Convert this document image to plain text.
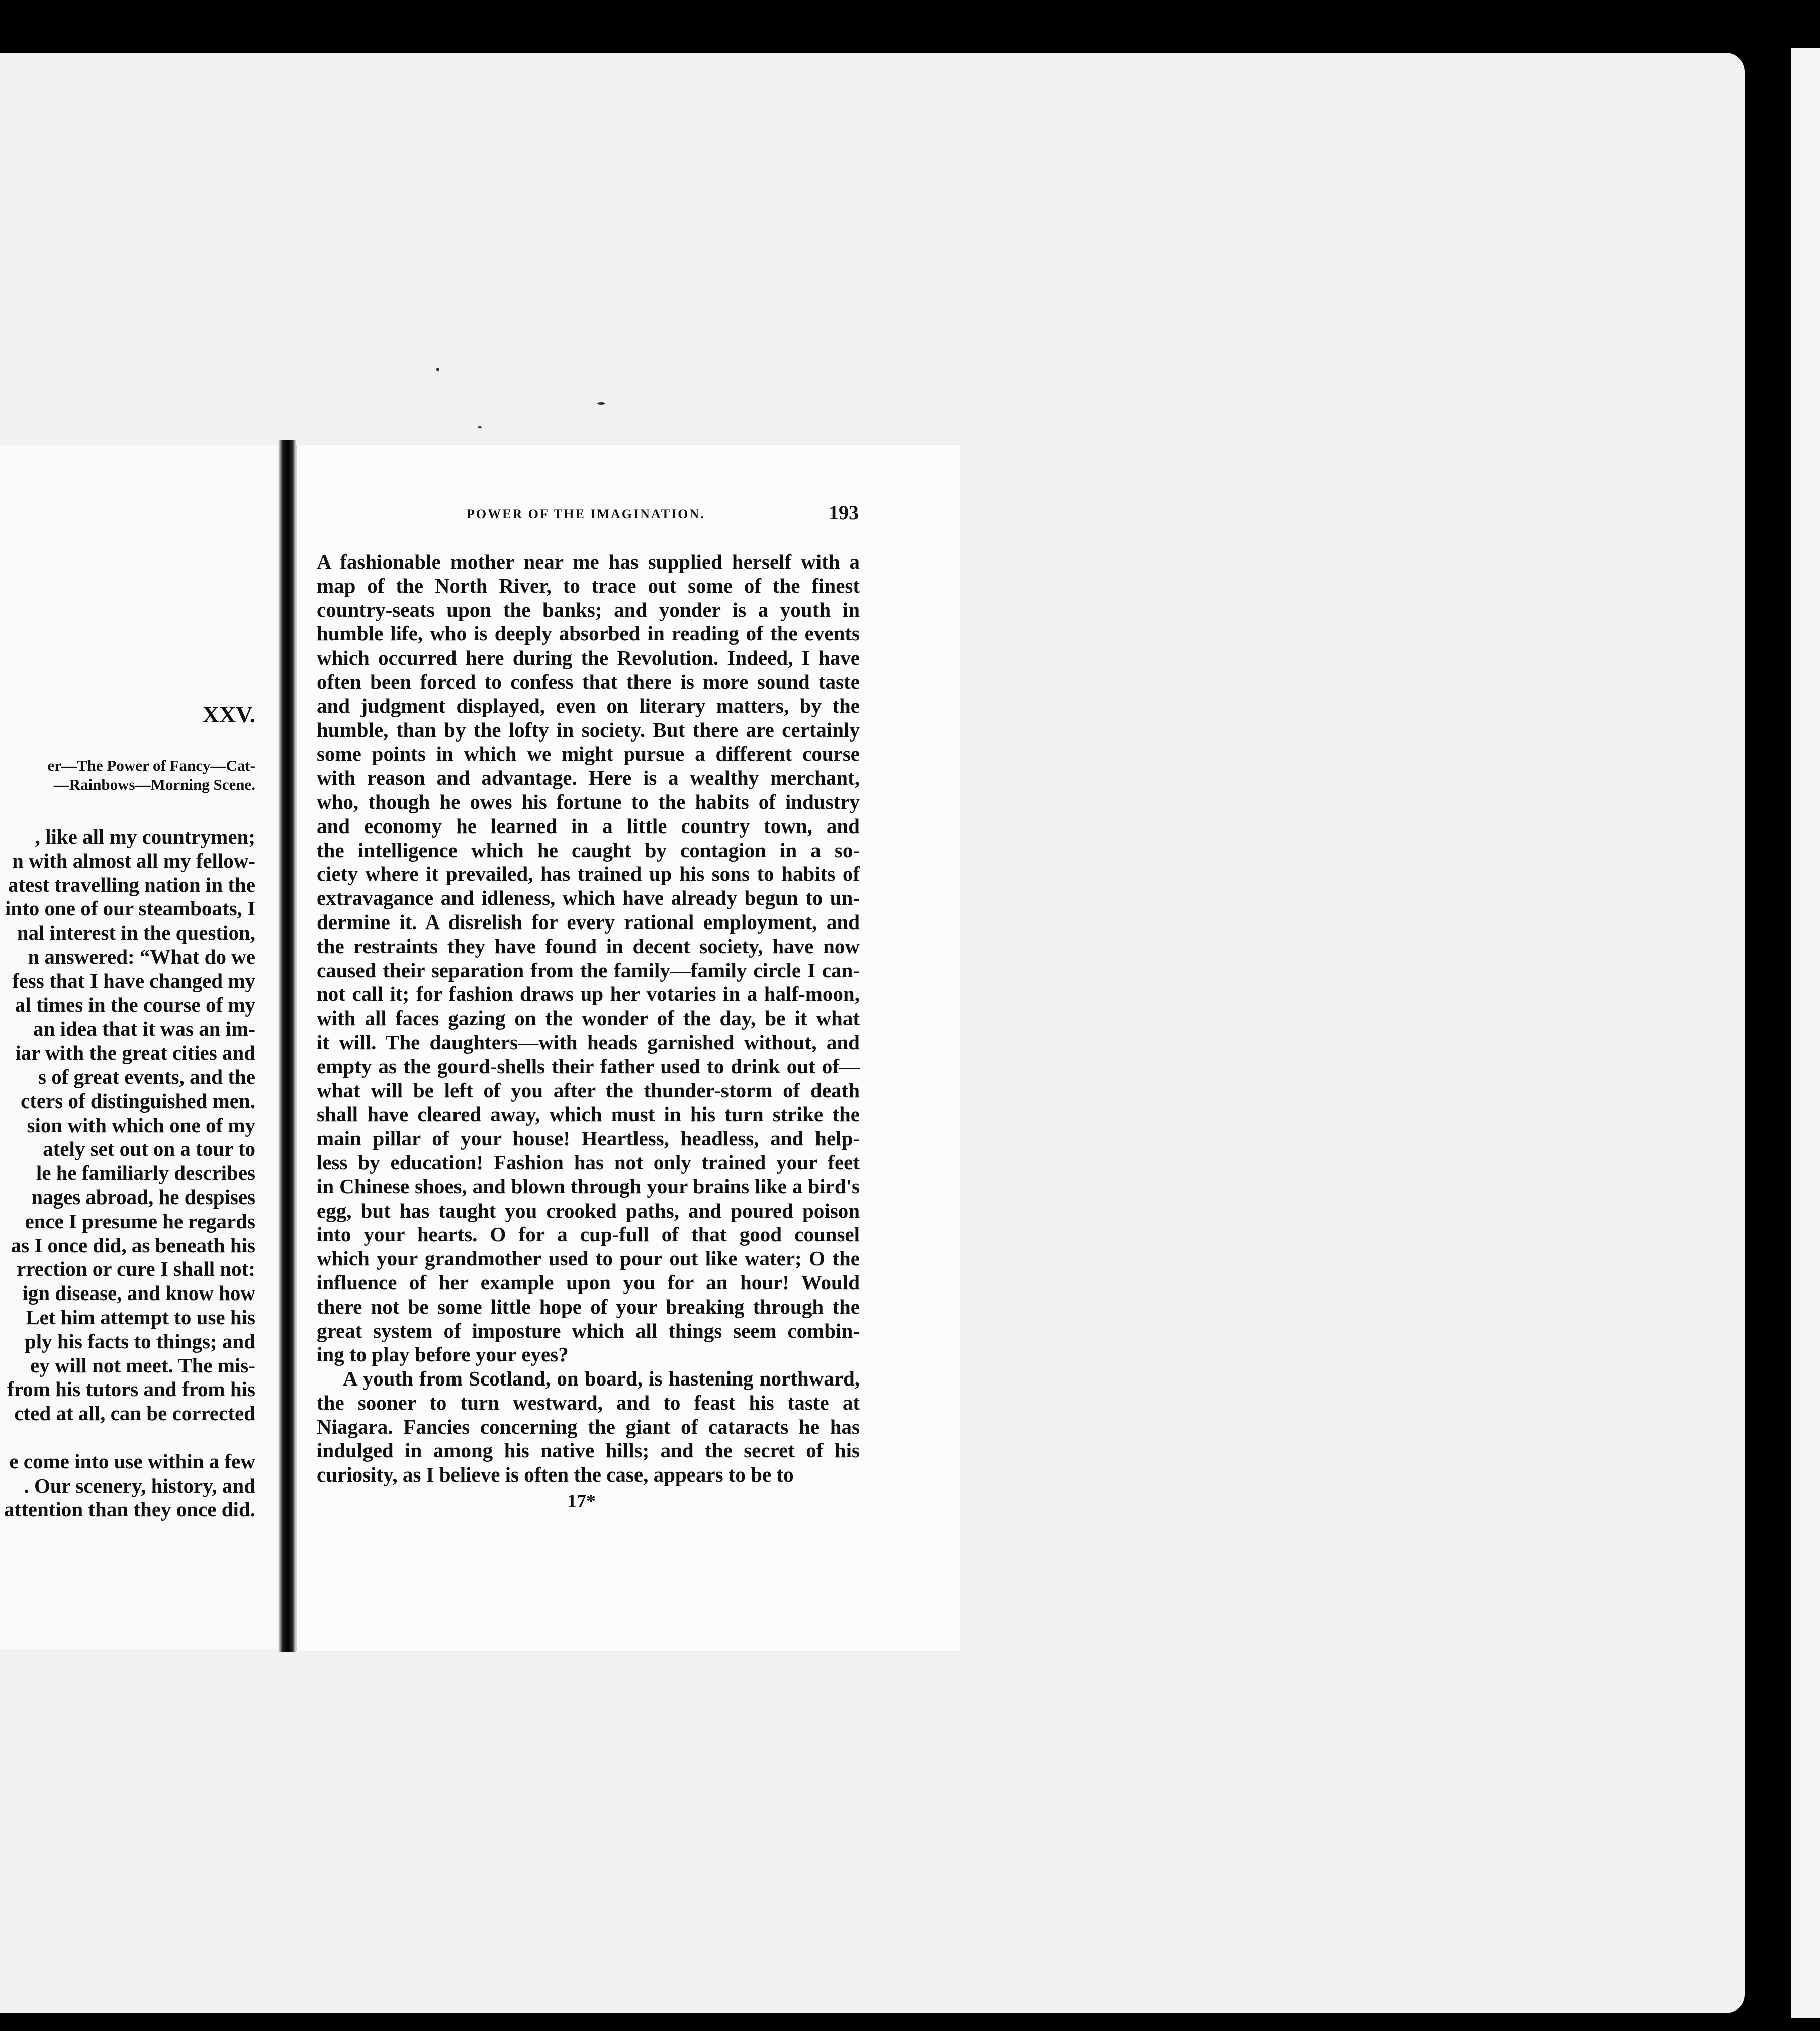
XXV.
er—The Power of Fancy—Cat-
—Rainbows—Morning Scene.
, like all my countrymen;
n with almost all my fellow-
atest travelling nation in the
into one of our steamboats, I
nal interest in the question,
n answered: “What do we
fess that I have changed my
al times in the course of my
an idea that it was an im-
iar with the great cities and
s of great events, and the
cters of distinguished men.
sion with which one of my
ately set out on a tour to
le he familiarly describes
nages abroad, he despises
ence I presume he regards
as I once did, as beneath his
rrection or cure I shall not:
ign disease, and know how
Let him attempt to use his
ply his facts to things; and
ey will not meet. The mis-
from his tutors and from his
cted at all, can be corrected
e come into use within a few
. Our scenery, history, and
attention than they once did.
POWER OF THE IMAGINATION.	193
A fashionable mother near me has supplied herself with a
map of the North River, to trace out some of the finest
country-seats upon the banks; and yonder is a youth in
humble life, who is deeply absorbed in reading of the events
which occurred here during the Revolution. Indeed, I have
often been forced to confess that there is more sound taste
and judgment displayed, even on literary matters, by the
humble, than by the lofty in society. But there are certainly
some points in which we might pursue a different course
with reason and advantage. Here is a wealthy merchant,
who, though he owes his fortune to the habits of industry
and economy he learned in a little country town, and
the intelligence which he caught by contagion in a so-
ciety where it prevailed, has trained up his sons to habits of
extravagance and idleness, which have already begun to un-
dermine it. A disrelish for every rational employment, and
the restraints they have found in decent society, have now
caused their separation from the family—family circle I can-
not call it; for fashion draws up her votaries in a half-moon,
with all faces gazing on the wonder of the day, be it what
it will. The daughters—with heads garnished without, and
empty as the gourd-shells their father used to drink out of—
what will be left of you after the thunder-storm of death
shall have cleared away, which must in his turn strike the
main pillar of your house! Heartless, headless, and help-
less by education! Fashion has not only trained your feet
in Chinese shoes, and blown through your brains like a bird's
egg, but has taught you crooked paths, and poured poison
into your hearts. O for a cup-full of that good counsel
which your grandmother used to pour out like water; O the
influence of her example upon you for an hour! Would
there not be some little hope of your breaking through the
great system of imposture which all things seem combin-
ing to play before your eyes?
A youth from Scotland, on board, is hastening northward,
the sooner to turn westward, and to feast his taste at
Niagara. Fancies concerning the giant of cataracts he has
indulged in among his native hills; and the secret of his
curiosity, as I believe is often the case, appears to be to
17*
